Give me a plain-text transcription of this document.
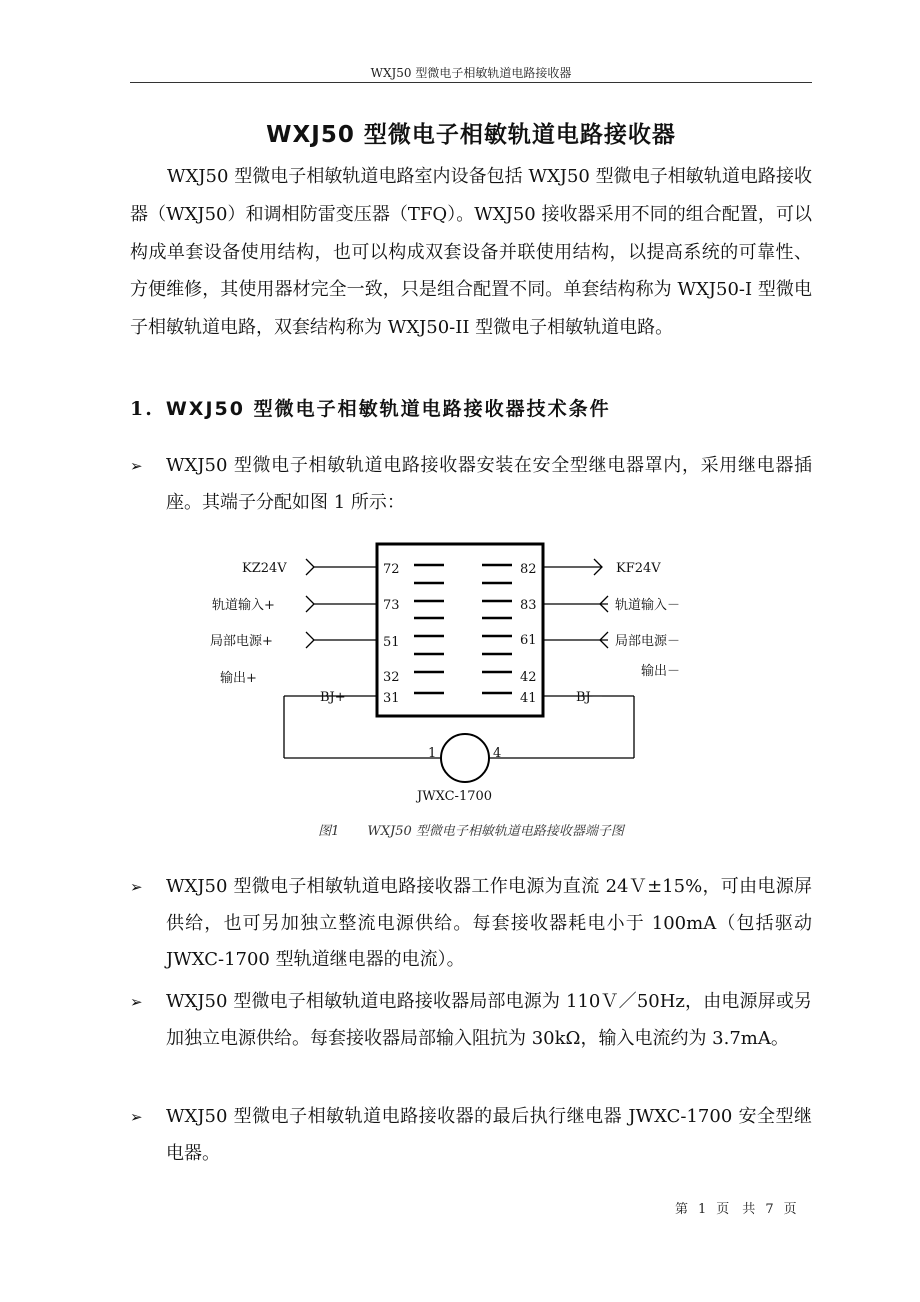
WXJ50 型微电子相敏轨道电路接收器
WXJ50 型微电子相敏轨道电路接收器

WXJ50 型微电子相敏轨道电路室内设备包括 WXJ50 型微电子相敏轨道电路接收器（WXJ50）和调相防雷变压器（TFQ）。WXJ50 接收器采用不同的组合配置，可以构成单套设备使用结构，也可以构成双套设备并联使用结构，以提高系统的可靠性、方便维修，其使用器材完全一致，只是组合配置不同。单套结构称为 WXJ50-I 型微电子相敏轨道电路，双套结构称为 WXJ50-II 型微电子相敏轨道电路。

1. WXJ50 型微电子相敏轨道电路接收器技术条件
➢	WXJ50 型微电子相敏轨道电路接收器安装在安全型继电器罩内，采用继电器插座。其端子分配如图 1 所示：
72
73
51
32
31
82
83
61
42
41
KZ24V
轨道输入+
局部电源+
输出+
BJ+
KF24V
轨道输入－
局部电源－
输出－
BJ－
1	4
JWXC-1700
图1 WXJ50 型微电子相敏轨道电路接收器端子图
➢	WXJ50 型微电子相敏轨道电路接收器工作电源为直流 24Ｖ±15%，可由电源屏供给，也可另加独立整流电源供给。每套接收器耗电小于 100mA（包括驱动 JWXC-1700 型轨道继电器的电流）。
➢	WXJ50 型微电子相敏轨道电路接收器局部电源为 110Ｖ／50Hz，由电源屏或另加独立电源供给。每套接收器局部输入阻抗为 30kΩ，输入电流约为 3.7mA。
➢	WXJ50 型微电子相敏轨道电路接收器的最后执行继电器 JWXC-1700 安全型继电器。
第 1 页　共 7 页
